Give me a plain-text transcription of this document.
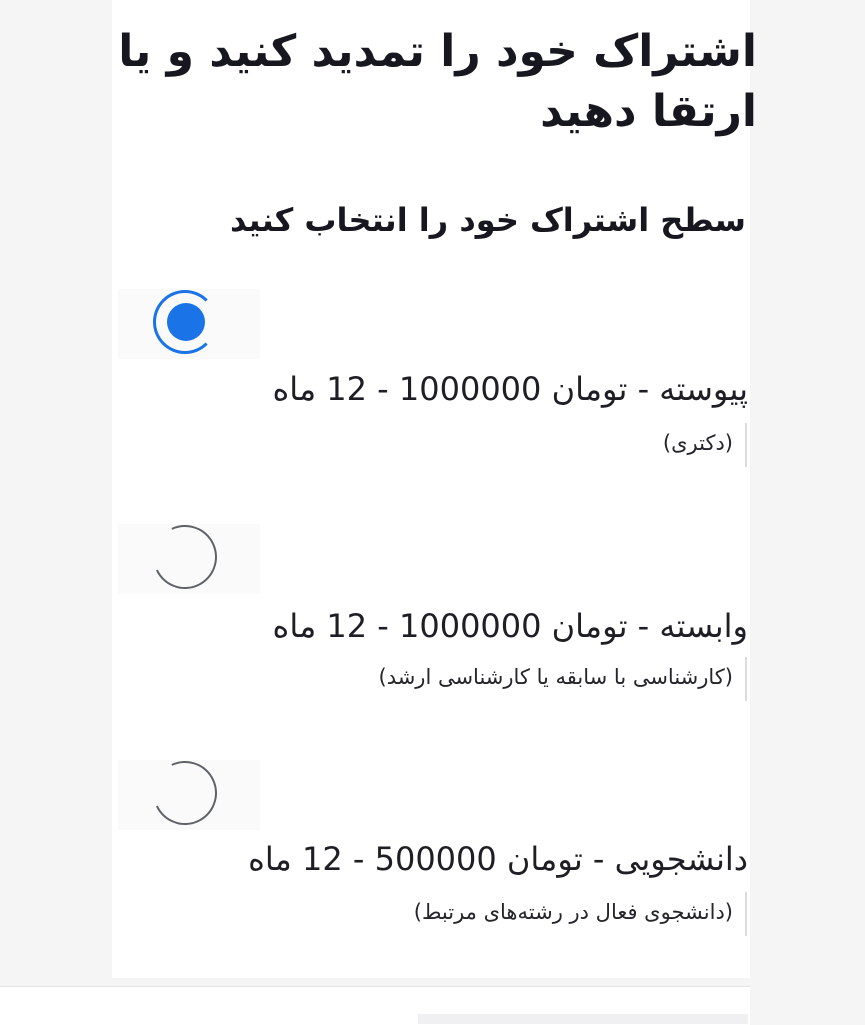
اشتراک خود را تمدید کنید و یا ارتقا دهید
سطح اشتراک خود را انتخاب کنید
پیوسته - تومان 1000000 - 12 ماه
(دکتری)
وابسته - تومان 1000000 - 12 ماه
(کارشناسی با سابقه یا کارشناسی ارشد)
دانشجویی - تومان 500000 - 12 ماه
(دانشجوی فعال در رشته‌های مرتبط)
